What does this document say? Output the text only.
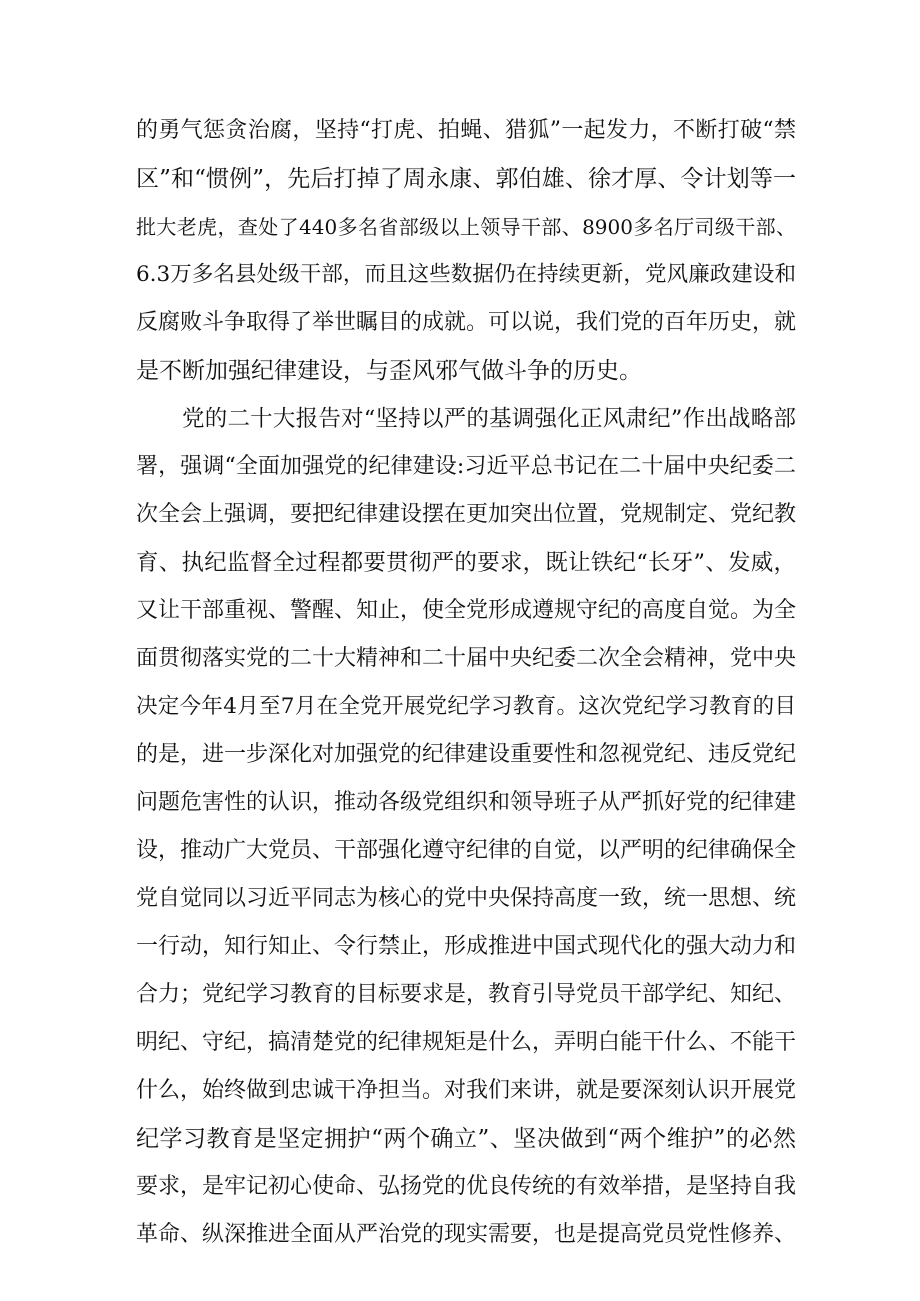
的勇气惩贪治腐，坚持“打虎、拍蝇、猎狐”一起发力，不断打破“禁
区”和“惯例”，先后打掉了周永康、郭伯雄、徐才厚、令计划等一
批大老虎，查处了440多名省部级以上领导干部、8900多名厅司级干部、
6.3万多名县处级干部，而且这些数据仍在持续更新，党风廉政建设和
反腐败斗争取得了举世瞩目的成就。可以说，我们党的百年历史，就
是不断加强纪律建设，与歪风邪气做斗争的历史。
党的二十大报告对“坚持以严的基调强化正风肃纪”作出战略部
署，强调“全面加强党的纪律建设:习近平总书记在二十届中央纪委二
次全会上强调，要把纪律建设摆在更加突出位置，党规制定、党纪教
育、执纪监督全过程都要贯彻严的要求，既让铁纪“长牙”、发威，
又让干部重视、警醒、知止，使全党形成遵规守纪的高度自觉。为全
面贯彻落实党的二十大精神和二十届中央纪委二次全会精神，党中央
决定今年4月至7月在全党开展党纪学习教育。这次党纪学习教育的目
的是，进一步深化对加强党的纪律建设重要性和忽视党纪、违反党纪
问题危害性的认识，推动各级党组织和领导班子从严抓好党的纪律建
设，推动广大党员、干部强化遵守纪律的自觉，以严明的纪律确保全
党自觉同以习近平同志为核心的党中央保持高度一致，统一思想、统
一行动，知行知止、令行禁止，形成推进中国式现代化的强大动力和
合力；党纪学习教育的目标要求是，教育引导党员干部学纪、知纪、
明纪、守纪，搞清楚党的纪律规矩是什么，弄明白能干什么、不能干
什么，始终做到忠诚干净担当。对我们来讲，就是要深刻认识开展党
纪学习教育是坚定拥护“两个确立”、坚决做到“两个维护”的必然
要求，是牢记初心使命、弘扬党的优良传统的有效举措，是坚持自我
革命、纵深推进全面从严治党的现实需要，也是提高党员党性修养、
